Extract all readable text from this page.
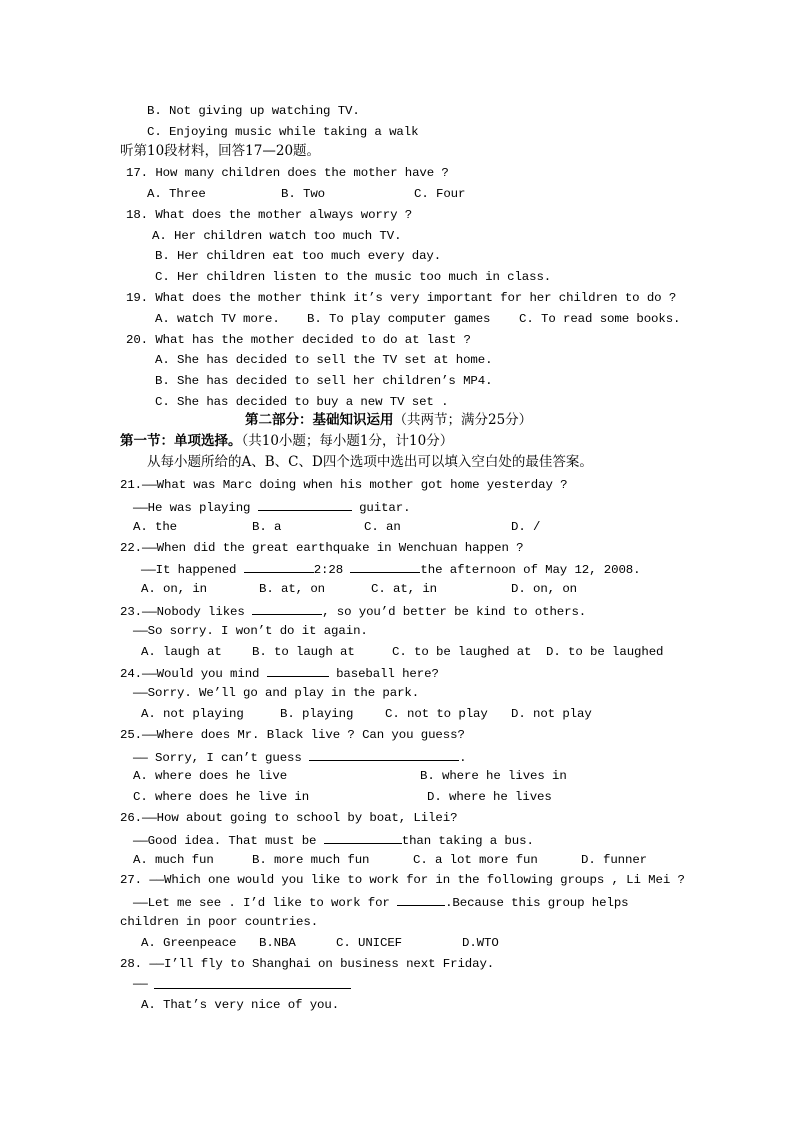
B. Not giving up watching TV.
C. Enjoying music while taking a walk
听第10段材料，回答17—20题。
17. How many children does the mother have ?
A. Three	B. Two	C. Four
18. What does the mother always worry ?
A. Her children watch too much TV.
B. Her children eat too much every day.
C. Her children listen to the music too much in class.
19. What does the mother think it’s very important for her children to do ?
A. watch TV more. B. To play computer games C. To read some books.
20. What has the mother decided to do at last ?
A. She has decided to sell the TV set at home.
B. She has decided to sell her children’s MP4.
C. She has decided to buy a new TV set .
第二部分：基础知识运用（共两节；满分25分）
第一节：单项选择。（共10小题；每小题1分，计10分）
从每小题所给的A、B、C、D四个选项中选出可以填入空白处的最佳答案。
21.——What was Marc doing when his mother got home yesterday ?
——He was playing	guitar.
A. the	B. a	C. an	D. /
22.——When did the great earthquake in Wenchuan happen ?
——It happened	2:28	the afternoon of May 12, 2008.
A. on, in	B. at, on	C. at, in	D. on, on
23.——Nobody likes	, so you’d better be kind to others.
——So sorry. I won’t do it again.
A. laugh at B. to laugh at	C. to be laughed at D. to be laughed
24.——Would you mind	baseball here?
——Sorry. We’ll go and play in the park.
A. not playing	B. playing	C. not to play D. not play
25.——Where does Mr. Black live ? Can you guess?
—— Sorry, I can’t guess	.
A. where does he live	B. where he lives in
C. where does he live in	D. where he lives
26.——How about going to school by boat, Lilei?
——Good idea. That must be	than taking a bus.
A. much fun	B. more much fun	C. a lot more fun	D. funner
27. ——Which one would you like to work for in the following groups , Li Mei ?
——Let me see . I’d like to work for	.Because this group helps
children in poor countries.
A. Greenpeace B.NBA	C. UNICEF	D.WTO
28. ——I’ll fly to Shanghai on business next Friday.
——
A. That’s very nice of you.
